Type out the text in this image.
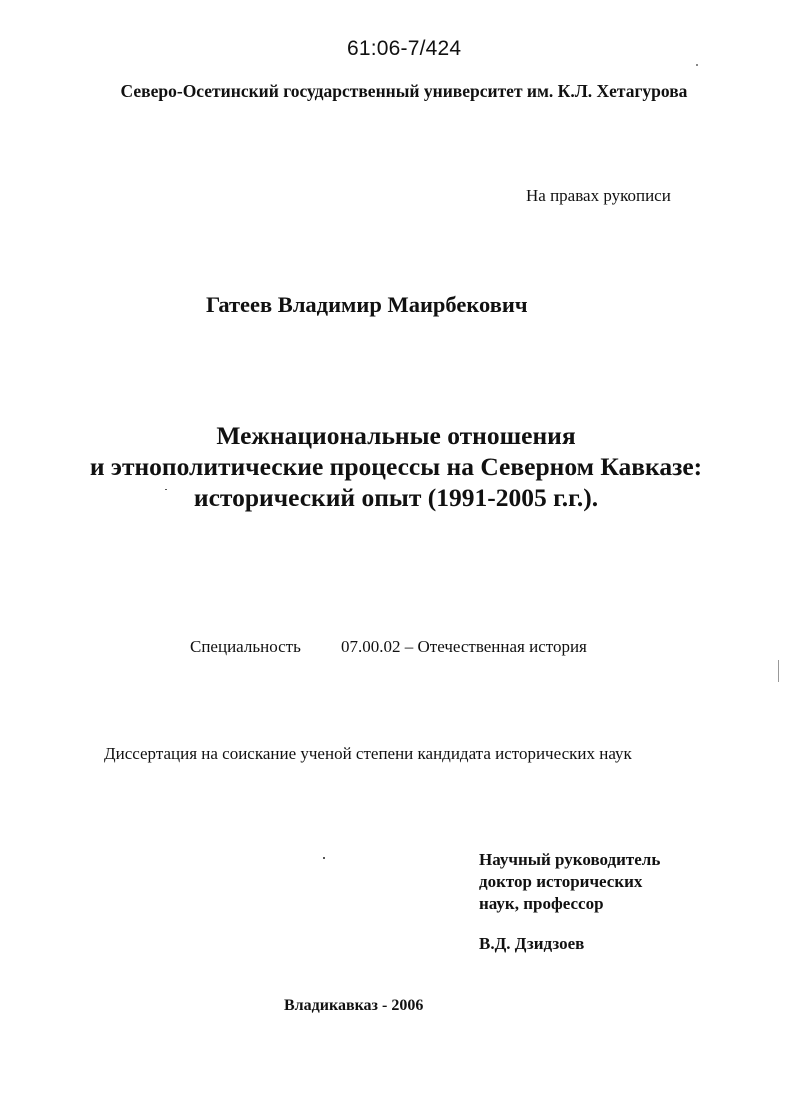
61:06-7/424
Северо-Осетинский государственный университет им. К.Л. Хетагурова
На правах рукописи
Гатеев Владимир Маирбекович
Межнациональные отношения
и этнополитические процессы на Северном Кавказе:
исторический опыт (1991-2005 г.г.).
Специальность 07.00.02 – Отечественная история
Диссертация на соискание ученой степени кандидата исторических наук
Научный руководитель
доктор исторических
наук, профессор
В.Д. Дзидзоев
Владикавказ - 2006
